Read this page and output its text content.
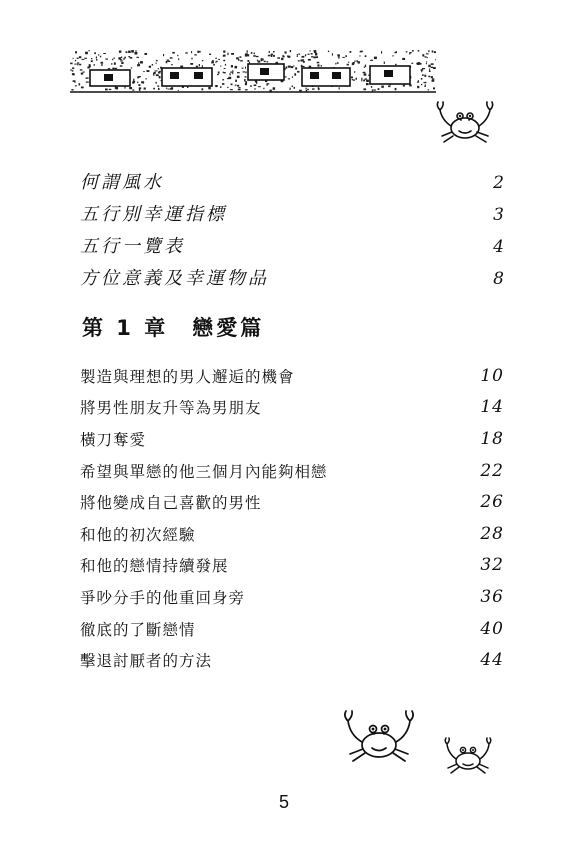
何謂風水	2
五行別幸運指標	3
五行一覽表	4
方位意義及幸運物品	8
第 1 章　戀愛篇
製造與理想的男人邂逅的機會	10
將男性朋友升等為男朋友	14
橫刀奪愛	18
希望與單戀的他三個月內能夠相戀	22
將他變成自己喜歡的男性	26
和他的初次經驗	28
和他的戀情持續發展	32
爭吵分手的他重回身旁	36
徹底的了斷戀情	40
擊退討厭者的方法	44
5
